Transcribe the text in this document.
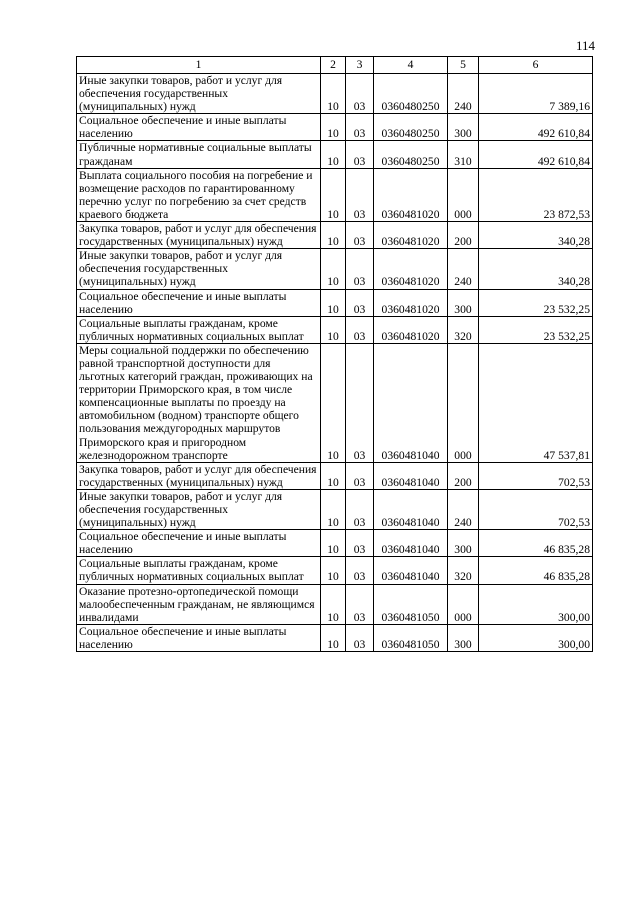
114
1	2	3	4	5	6
Иные закупки товаров, работ и услуг для обеспечения государственных (муниципальных) нужд	10	03	0360480250	240	7 389,16
Социальное обеспечение и иные выплаты населению	10	03	0360480250	300	492 610,84
Публичные нормативные социальные выплаты гражданам	10	03	0360480250	310	492 610,84
Выплата социального пособия на погребение и возмещение расходов по гарантированному перечню услуг по погребению за счет средств краевого бюджета	10	03	0360481020	000	23 872,53
Закупка товаров, работ и услуг для обеспечения государственных (муниципальных) нужд	10	03	0360481020	200	340,28
Иные закупки товаров, работ и услуг для обеспечения государственных (муниципальных) нужд	10	03	0360481020	240	340,28
Социальное обеспечение и иные выплаты населению	10	03	0360481020	300	23 532,25
Социальные выплаты гражданам, кроме публичных нормативных социальных выплат	10	03	0360481020	320	23 532,25
Меры социальной поддержки по обеспечению равной транспортной доступности для льготных категорий граждан, проживающих на территории Приморского края, в том числе компенсационные выплаты по проезду на автомобильном (водном) транспорте общего пользования междугородных маршрутов Приморского края и пригородном железнодорожном транспорте	10	03	0360481040	000	47 537,81
Закупка товаров, работ и услуг для обеспечения государственных (муниципальных) нужд	10	03	0360481040	200	702,53
Иные закупки товаров, работ и услуг для обеспечения государственных (муниципальных) нужд	10	03	0360481040	240	702,53
Социальное обеспечение и иные выплаты населению	10	03	0360481040	300	46 835,28
Социальные выплаты гражданам, кроме публичных нормативных социальных выплат	10	03	0360481040	320	46 835,28
Оказание протезно-ортопедической помощи малообеспеченным гражданам, не являющимся инвалидами	10	03	0360481050	000	300,00
Социальное обеспечение и иные выплаты населению	10	03	0360481050	300	300,00
